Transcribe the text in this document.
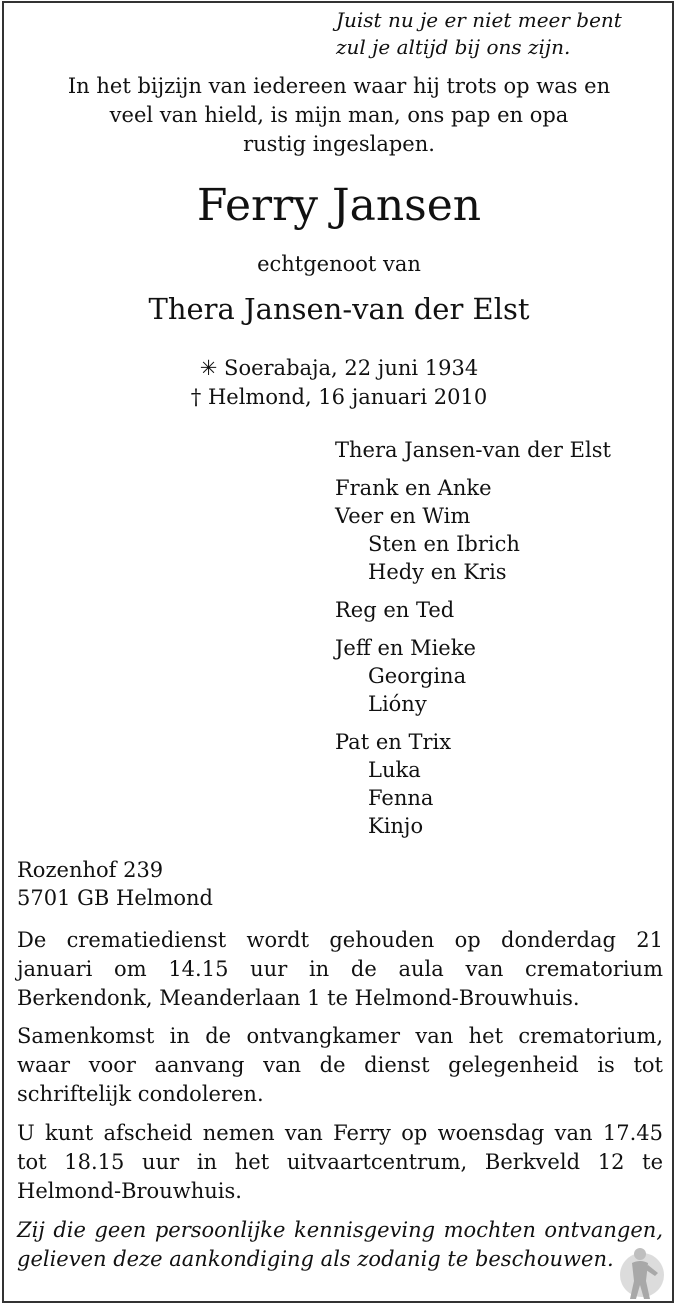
Juist nu je er niet meer bent
zul je altijd bij ons zijn.
In het bijzijn van iedereen waar hij trots op was en
veel van hield, is mijn man, ons pap en opa
rustig ingeslapen.
Ferry Jansen
echtgenoot van
Thera Jansen-van der Elst
✳ Soerabaja, 22 juni 1934
† Helmond, 16 januari 2010
Thera Jansen-van der Elst
Frank en Anke
Veer en Wim
Sten en Ibrich
Hedy en Kris
Reg en Ted
Jeff en Mieke
Georgina
Liόny
Pat en Trix
Luka
Fenna
Kinjo
Rozenhof 239
5701 GB Helmond
De crematiedienst wordt gehouden op donderdag 21 januari om 14.15 uur in de aula van crematorium Berkendonk, Meanderlaan 1 te Helmond-Brouwhuis.
Samenkomst in de ontvangkamer van het crematorium, waar voor aanvang van de dienst gelegenheid is tot schriftelijk condoleren.
U kunt afscheid nemen van Ferry op woensdag van 17.45 tot 18.15 uur in het uitvaartcentrum, Berkveld 12 te Helmond-Brouwhuis.
Zij die geen persoonlijke kennisgeving mochten ontvangen, gelieven deze aankondiging als zodanig te beschouwen.
